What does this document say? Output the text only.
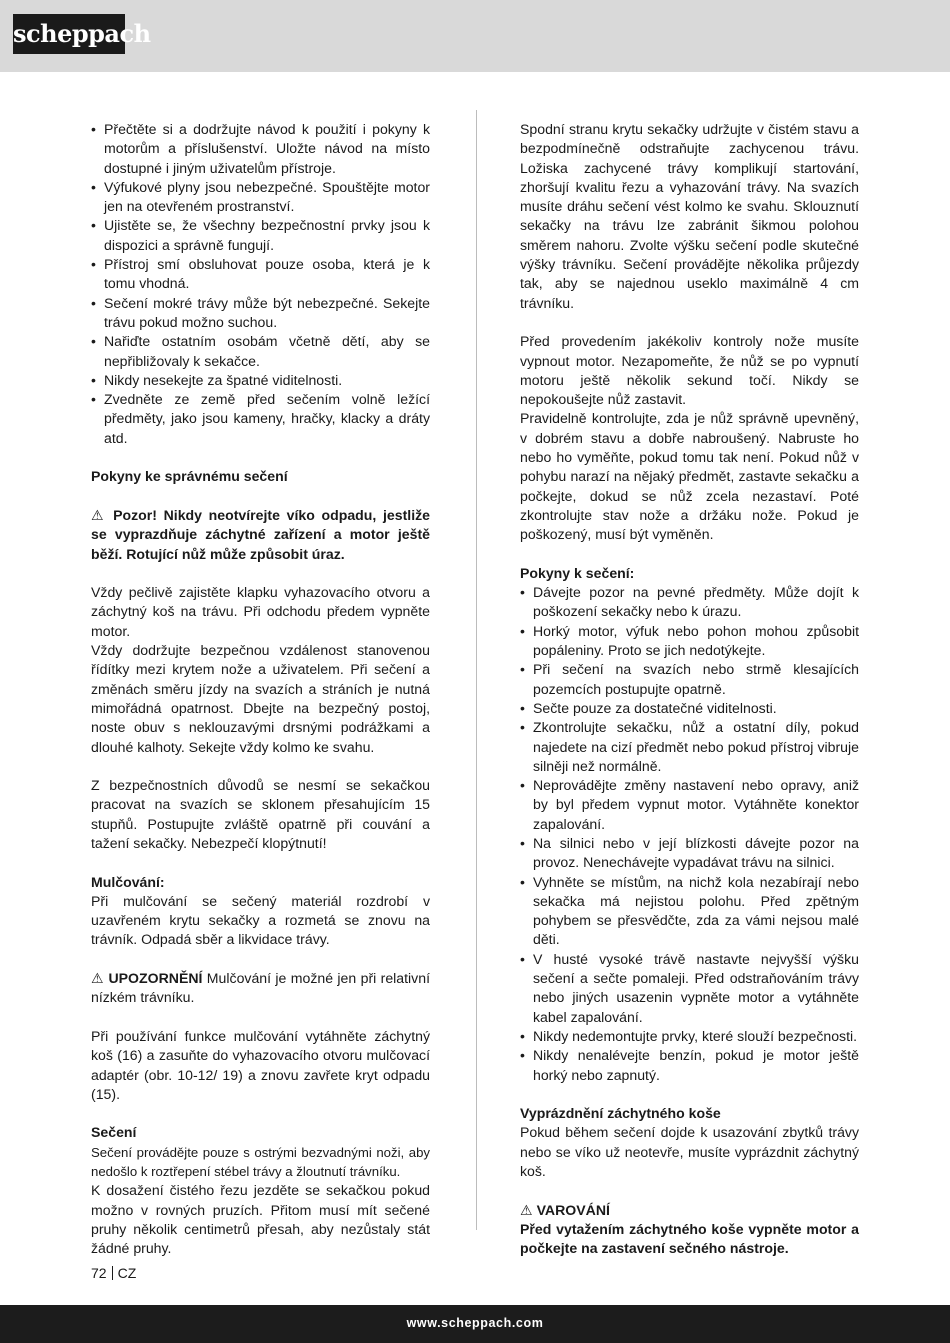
scheppach
• Přečtěte si a dodržujte návod k použití i pokyny k motorům a příslušenství. Uložte návod na místo dostupné i jiným uživatelům přístroje.
• Výfukové plyny jsou nebezpečné. Spouštějte motor jen na otevřeném prostranství.
• Ujistěte se, že všechny bezpečnostní prvky jsou k dispozici a správně fungují.
• Přístroj smí obsluhovat pouze osoba, která je k tomu vhodná.
• Sečení mokré trávy může být nebezpečné. Sekejte trávu pokud možno suchou.
• Nařiďte ostatním osobám včetně dětí, aby se nepřibližovaly k sekačce.
• Nikdy nesekejte za špatné viditelnosti.
• Zvedněte ze země před sečením volně ležící předměty, jako jsou kameny, hračky, klacky a dráty atd.

Pokyny ke správnému sečení

⚠ Pozor! Nikdy neotvírejte víko odpadu, jestliže se vyprazdňuje záchytné zařízení a motor ještě běží. Rotující nůž může způsobit úraz.

Vždy pečlivě zajistěte klapku vyhazovacího otvoru a záchytný koš na trávu. Při odchodu předem vypněte motor.

Vždy dodržujte bezpečnou vzdálenost stanovenou řídítky mezi krytem nože a uživatelem. Při sečení a změnách směru jízdy na svazích a stráních je nutná mimořádná opatrnost. Dbejte na bezpečný postoj, noste obuv s neklouzavými drsnými podrážkami a dlouhé kalhoty. Sekejte vždy kolmo ke svahu.

Z bezpečnostních důvodů se nesmí se sekačkou pracovat na svazích se sklonem přesahujícím 15 stupňů. Postupujte zvláště opatrně při couvání a tažení sekačky. Nebezpečí klopýtnutí!

Mulčování:

Při mulčování se sečený materiál rozdrobí v uzavřeném krytu sekačky a rozmetá se znovu na trávník. Odpadá sběr a likvidace trávy.

⚠ UPOZORNĚNÍ Mulčování je možné jen při relativní nízkém trávníku.

Při používání funkce mulčování vytáhněte záchytný koš (16) a zasuňte do vyhazovacího otvoru mulčovací adaptér (obr. 10-12/ 19) a znovu zavřete kryt odpadu (15).

Sečení

Sečení provádějte pouze s ostrými bezvadnými noži, aby nedošlo k roztřepení stébel trávy a žloutnutí trávníku.

K dosažení čistého řezu jezděte se sekačkou pokud možno v rovných pruzích. Přitom musí mít sečené pruhy několik centimetrů přesah, aby nezůstaly stát žádné pruhy.

Spodní stranu krytu sekačky udržujte v čistém stavu a bezpodmínečně odstraňujte zachycenou trávu. Ložiska zachycené trávy komplikují startování, zhoršují kvalitu řezu a vyhazování trávy. Na svazích musíte dráhu sečení vést kolmo ke svahu. Sklouznutí sekačky na trávu lze zabránit šikmou polohou směrem nahoru. Zvolte výšku sečení podle skutečné výšky trávníku. Sečení provádějte několika průjezdy tak, aby se najednou useklo maximálně 4 cm trávníku.

Před provedením jakékoliv kontroly nože musíte vypnout motor. Nezapomeňte, že nůž se po vypnutí motoru ještě několik sekund točí. Nikdy se nepokoušejte nůž zastavit.

Pravidelně kontrolujte, zda je nůž správně upevněný, v dobrém stavu a dobře nabroušený. Nabruste ho nebo ho vyměňte, pokud tomu tak není. Pokud nůž v pohybu narazí na nějaký předmět, zastavte sekačku a počkejte, dokud se nůž zcela nezastaví. Poté zkontrolujte stav nože a držáku nože. Pokud je poškozený, musí být vyměněn.

Pokyny k sečení:

• Dávejte pozor na pevné předměty. Může dojít k poškození sekačky nebo k úrazu.
• Horký motor, výfuk nebo pohon mohou způsobit popáleniny. Proto se jich nedotýkejte.
• Při sečení na svazích nebo strmě klesajících pozemcích postupujte opatrně.
• Sečte pouze za dostatečné viditelnosti.
• Zkontrolujte sekačku, nůž a ostatní díly, pokud najedete na cizí předmět nebo pokud přístroj vibruje silněji než normálně.
• Neprovádějte změny nastavení nebo opravy, aniž by byl předem vypnut motor. Vytáhněte konektor zapalování.
• Na silnici nebo v její blízkosti dávejte pozor na provoz. Nenechávejte vypadávat trávu na silnici.
• Vyhněte se místům, na nichž kola nezabírají nebo sekačka má nejistou polohu. Před zpětným pohybem se přesvědčte, zda za vámi nejsou malé děti.
• V husté vysoké trávě nastavte nejvyšší výšku sečení a sečte pomaleji. Před odstraňováním trávy nebo jiných usazenin vypněte motor a vytáhněte kabel zapalování.
• Nikdy nedemontujte prvky, které slouží bezpečnosti.
• Nikdy nenalévejte benzín, pokud je motor ještě horký nebo zapnutý.

Vyprázdnění záchytného koše

Pokud během sečení dojde k usazování zbytků trávy nebo se víko už neotevře, musíte vyprázdnit záchytný koš.

⚠ VAROVÁNÍ

Před vytažením záchytného koše vypněte motor a počkejte na zastavení sečného nástroje.

72 CZ
www.scheppach.com
